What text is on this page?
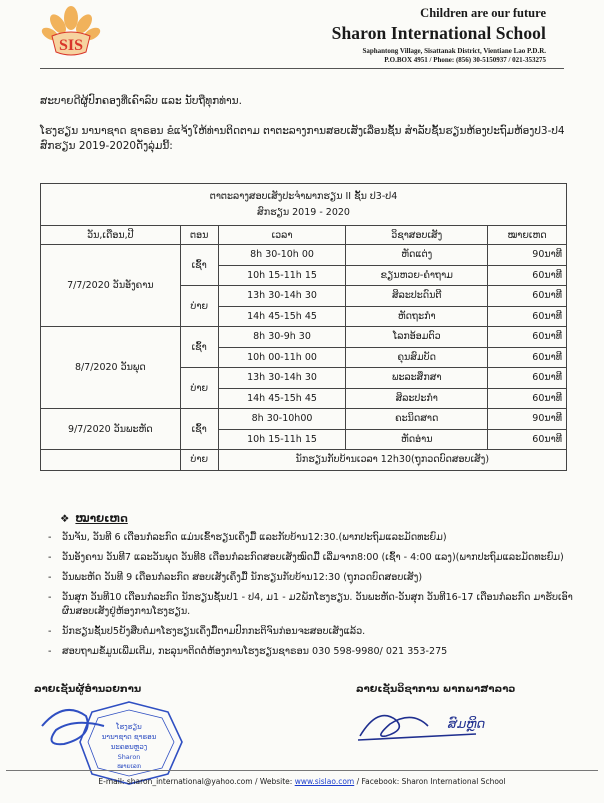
SIS
Children are our future
Sharon International School
Saphantong Village, Sisattanak District, Vientiane Lao P.D.R.
P.O.BOX 4951 / Phone: (856) 30-5150937 / 021-353275
ສະບາຍດີຜູ້ປົກຄອງທີ່ເຄົາລົບ ແລະ ນັບຖືທຸກທ່ານ.
ໂຮງຮຽນ ນານາຊາດ ຊາຣອນ ຂໍແຈ້ງໃຫ້ທ່ານຕິດຕາມ ຕາຕະລາງການສອບເສັງເລື່ອນຊັ້ນ ສໍາລັບຊັ້ນຮຽນຫ້ອງປະຖົມຫ້ອງປ3-ປ4 ສົກຮຽນ 2019-2020ດັ່ງລຸ່ມນີ້:
ຕາຕະລາງສອບເສັງປະຈໍາພາກຮຽນ II ຊັ້ນ ປ3-ປ4
ສົກຮຽນ 2019 - 2020				

ວັນ,ເດືອນ,ປີ	ຕອນ	ເວລາ	ວິຊາສອບເສັງ	ໝາຍເຫດ
7/7/2020 ວັນອັງຄານ	ເຊົ້າ	8h 30-10h 00	ຫັດແຕ່ງ	90ນາທີ
		10h 15-11h 15	ຂຽນຫວຍ-ຄໍາຖາມ	60ນາທີ
	ບ່າຍ	13h 30-14h 30	ສິລະປະດົນຕີ	60ນາທີ
		14h 45-15h 45	ຫັດຖະກໍາ	60ນາທີ
8/7/2020 ວັນພຸດ	ເຊົ້າ	8h 30-9h 30	ໂລກອ້ອມຕົວ	60ນາທີ
		10h 00-11h 00	ຄຸນສົມບັດ	60ນາທີ
	ບ່າຍ	13h 30-14h 30	ພະລະສຶກສາ	60ນາທີ
		14h 45-15h 45	ສິລະປະກໍາ	60ນາທີ
9/7/2020 ວັນພະຫັດ	ເຊົ້າ	8h 30-10h00	ຄະນິດສາດ	90ນາທີ
		10h 15-11h 15	ຫັດອ່ານ	60ນາທີ
	ບ່າຍ	ນັກຮຽນກັບບ້ານເວລາ 12h30(ຖຸກວດບົດສອບເສັງ)		
❖ ໝາຍເຫດ
- ວັນຈັນ, ວັນທີ 6 ເດືອນກໍລະກົດ ແມ່ນເຂົ້າຮຽນເຄິ່ງມື້ ແລະກັບບ້ານ12:30.(ພາກປະຖົມແລະມັດທະຍົມ)
- ວັນອັງຄານ ວັນທີ7 ແລະວັນພຸດ ວັນທີ8 ເດືອນກໍລະກົດສອບເສັງໝົດມື້ ເລີ່ມຈາກ8:00 (ເຊົ້າ - 4:00 ແລງ)(ພາກປະຖົມແລະມັດທະຍົມ)
- ວັນພະຫັດ ວັນທີ 9 ເດືອນກໍລະກົດ ສອບເສັງເຄິ່ງມື້ ນັກຮຽນກັບບ້ານ12:30 (ຖຸກວດບົດສອບເສັງ)
- ວັນສຸກ ວັນທີ10 ເດືອນກໍລະກົດ ນັກຮຽນຊັ້ນປ1 - ປ4, ມ1 - ມ2ພັກໂຮງຮຽນ. ວັນພະຫັດ-ວັນສຸກ ວັນທີ16-17 ເດືອນກໍລະກົດ ມາຮັບເອົາຜົນສອບເສັງຢູ່ຫ້ອງການໂຮງຮຽນ.
- ນັກຮຽນຊັ້ນປ5ຍັງສືບຕໍ່ມາໂຮງຮຽນເຄິ່ງມື້ຕາມປົກກະຕິຈົນກ່ອນຈະສອບເສັງແລ້ວ.
- ສອບຖາມຂໍ້ມູນເພີ່ມເຕີມ, ກະລຸນາຕິດຕໍ່ຫ້ອງການໂຮງຮຽນຊາຣອນ 030 598-9980/ 021 353-275
ລາຍເຊັນຜູ້ອໍານວຍການ	ລາຍເຊັນວິຊາການ ພາກພາສາລາວ
ໂຮງຮຽນ
ນານາຊາດ ຊາຣອນ
ນະຄອນຫຼວງ
Sharon
ໝາຍເລກ
ສົມຫຼິດ
E-mail: sharon_international@yahoo.com / Website: www.sislao.com / Facebook: Sharon International School
